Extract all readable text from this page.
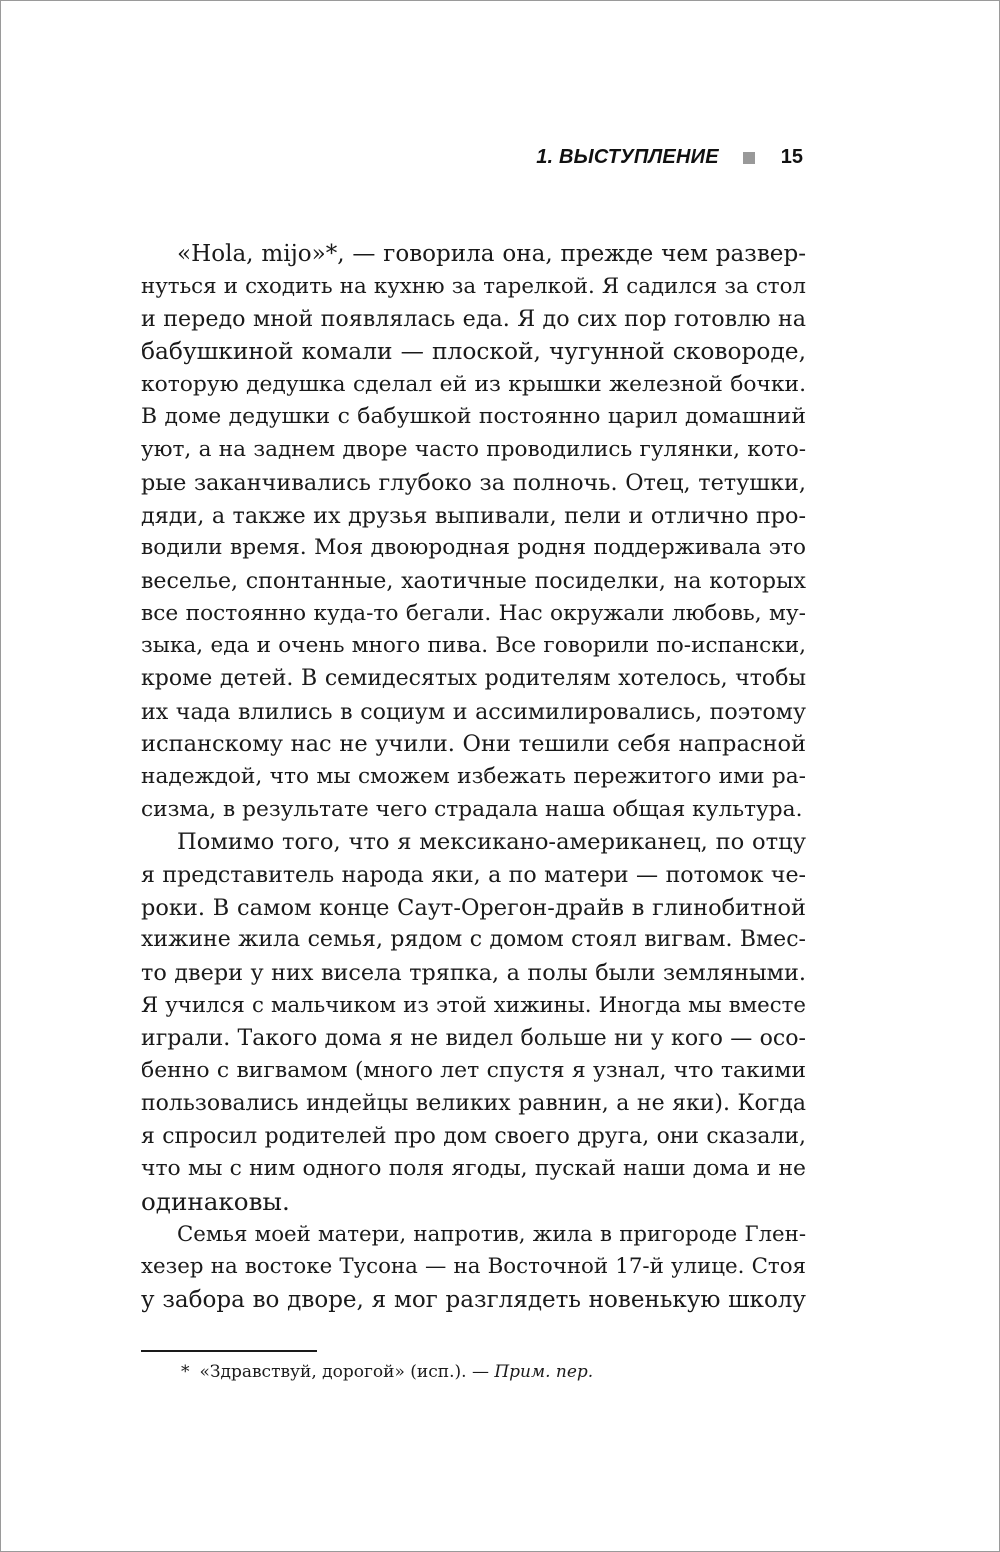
1. ВЫСТУПЛЕНИЕ	15
«Hola, mijo»*, — говорила она, прежде чем развер-
нуться и сходить на кухню за тарелкой. Я садился за стол
и передо мной появлялась еда. Я до сих пор готовлю на
бабушкиной комали — плоской, чугунной сковороде,
которую дедушка сделал ей из крышки железной бочки.
В доме дедушки с бабушкой постоянно царил домашний
уют, а на заднем дворе часто проводились гулянки, кото-
рые заканчивались глубоко за полночь. Отец, тетушки,
дяди, а также их друзья выпивали, пели и отлично про-
водили время. Моя двоюродная родня поддерживала это
веселье, спонтанные, хаотичные посиделки, на которых
все постоянно куда-то бегали. Нас окружали любовь, му-
зыка, еда и очень много пива. Все говорили по-испански,
кроме детей. В семидесятых родителям хотелось, чтобы
их чада влились в социум и ассимилировались, поэтому
испанскому нас не учили. Они тешили себя напрасной
надеждой, что мы сможем избежать пережитого ими ра-
сизма, в результате чего страдала наша общая культура.
Помимо того, что я мексикано-американец, по отцу
я представитель народа яки, а по матери — потомок че-
роки. В самом конце Саут-Орегон-драйв в глинобитной
хижине жила семья, рядом с домом стоял вигвам. Вмес-
то двери у них висела тряпка, а полы были земляными.
Я учился с мальчиком из этой хижины. Иногда мы вместе
играли. Такого дома я не видел больше ни у кого — осо-
бенно с вигвамом (много лет спустя я узнал, что такими
пользовались индейцы великих равнин, а не яки). Когда
я спросил родителей про дом своего друга, они сказали,
что мы с ним одного поля ягоды, пускай наши дома и не
одинаковы.
Семья моей матери, напротив, жила в пригороде Глен-
хезер на востоке Тусона — на Восточной 17-й улице. Стоя
у забора во дворе, я мог разглядеть новенькую школу
* «Здравствуй, дорогой» (исп.). — Прим. пер.
